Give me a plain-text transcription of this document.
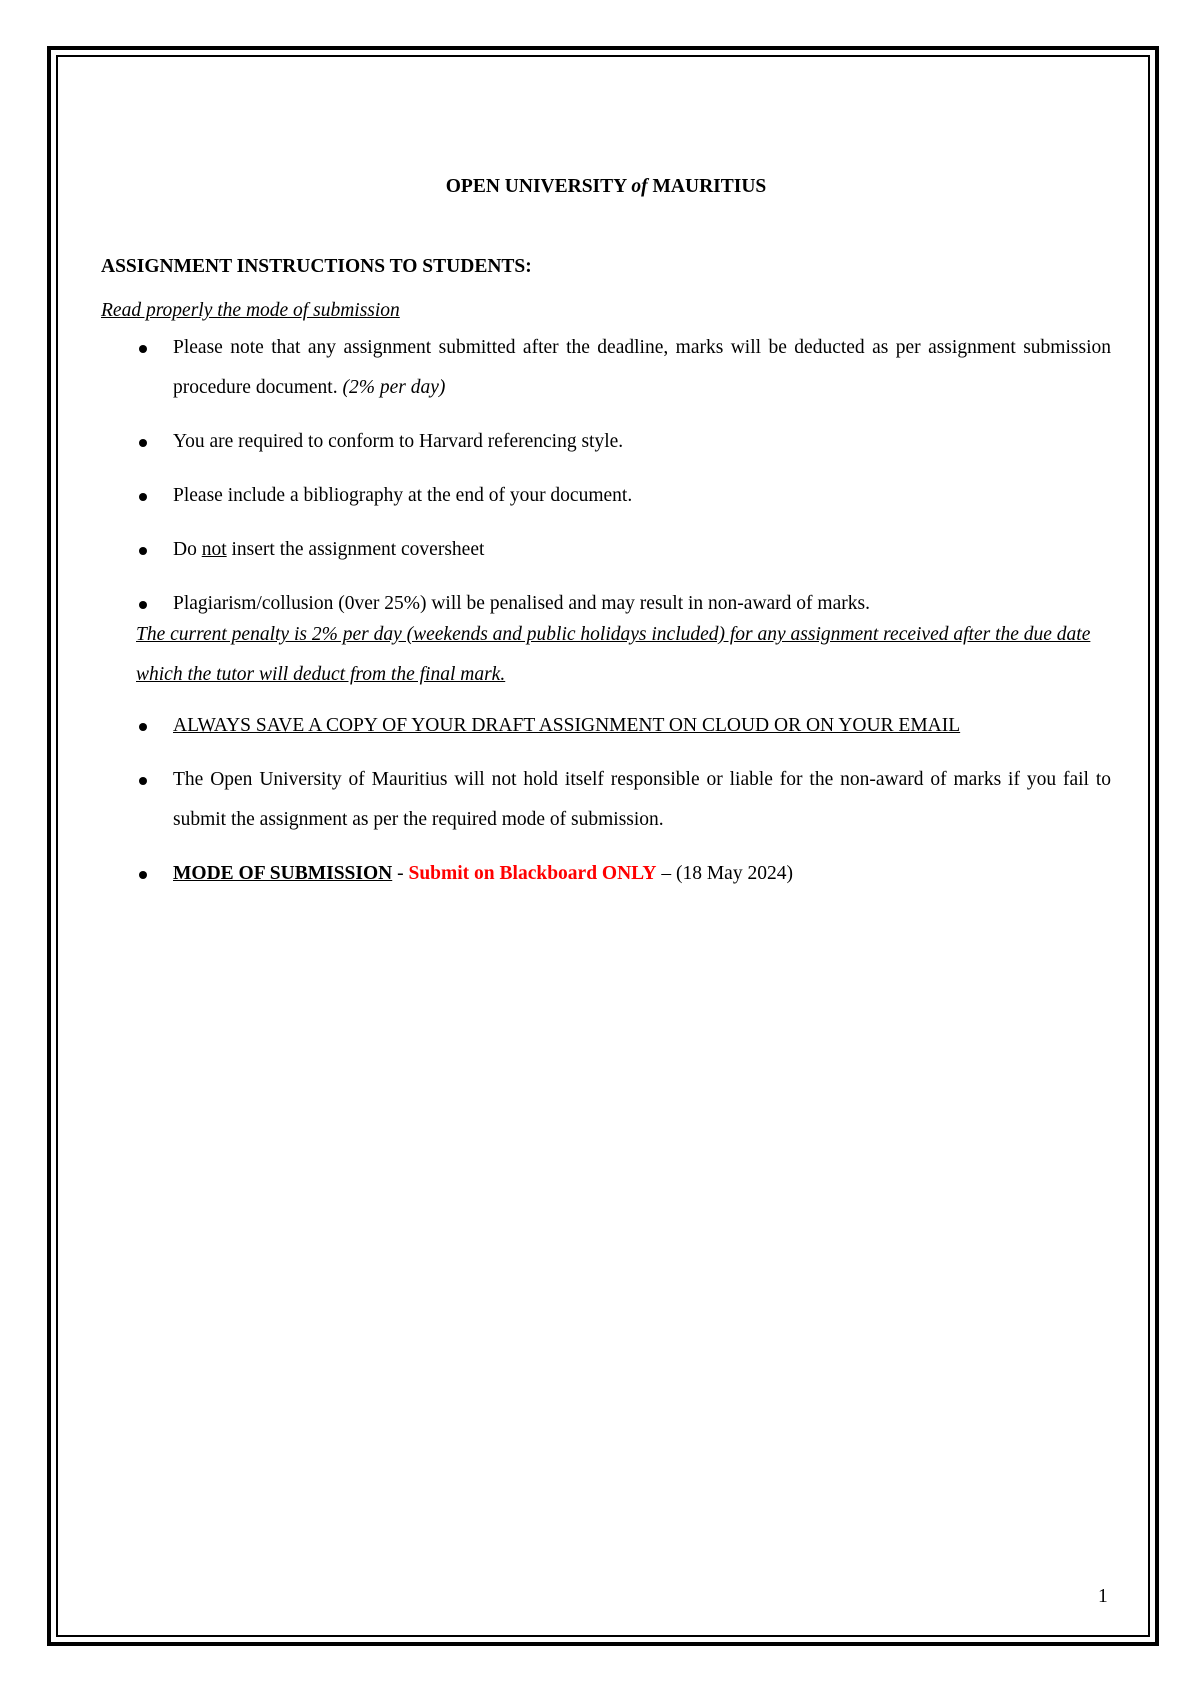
OPEN UNIVERSITY of MAURITIUS
ASSIGNMENT INSTRUCTIONS TO STUDENTS:
Read properly the mode of submission
Please note that any assignment submitted after the deadline, marks will be deducted as per assignment submission procedure document. (2% per day)
You are required to conform to Harvard referencing style.
Please include a bibliography at the end of your document.
Do not insert the assignment coversheet
Plagiarism/collusion (0ver 25%) will be penalised and may result in non-award of marks.
The current penalty is 2% per day (weekends and public holidays included) for any assignment received after the due date which the tutor will deduct from the final mark.
ALWAYS SAVE A COPY OF YOUR DRAFT ASSIGNMENT ON CLOUD OR ON YOUR EMAIL
The Open University of Mauritius will not hold itself responsible or liable for the non-award of marks if you fail to submit the assignment as per the required mode of submission.
MODE OF SUBMISSION - Submit on Blackboard ONLY – (18 May 2024)
1
